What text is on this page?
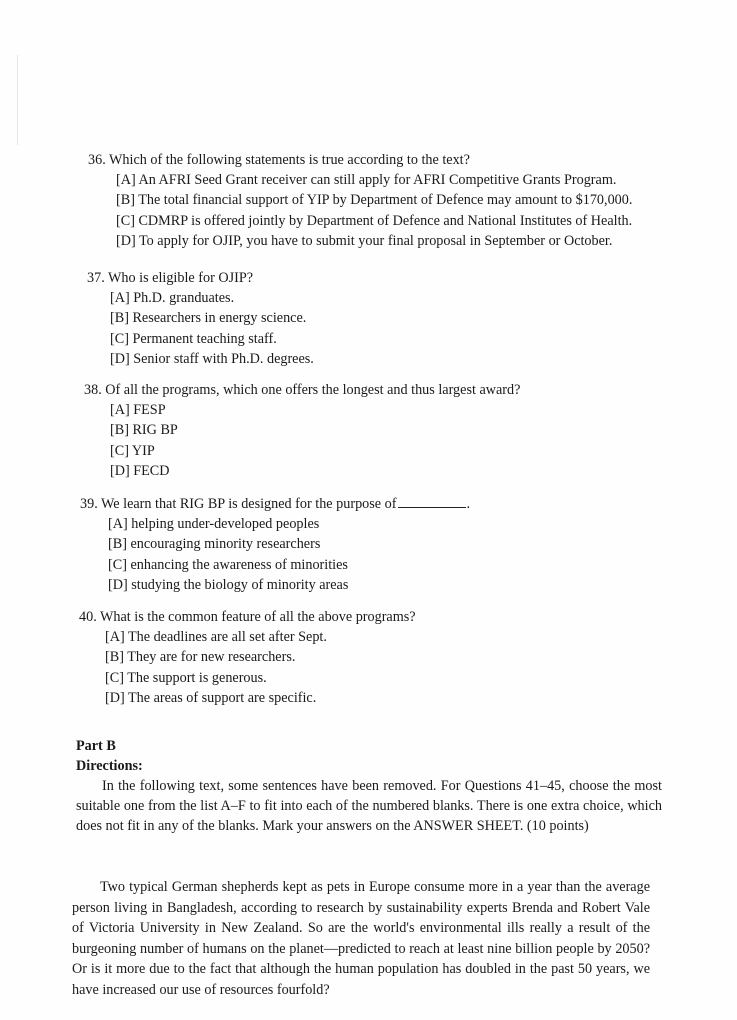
36. Which of the following statements is true according to the text?
[A] An AFRI Seed Grant receiver can still apply for AFRI Competitive Grants Program.
[B] The total financial support of YIP by Department of Defence may amount to $170,000.
[C] CDMRP is offered jointly by Department of Defence and National Institutes of Health.
[D] To apply for OJIP, you have to submit your final proposal in September or October.
37. Who is eligible for OJIP?
[A] Ph.D. granduates.
[B] Researchers in energy science.
[C] Permanent teaching staff.
[D] Senior staff with Ph.D. degrees.
38. Of all the programs, which one offers the longest and thus largest award?
[A] FESP
[B] RIG BP
[C] YIP
[D] FECD
39. We learn that RIG BP is designed for the purpose of	.
[A] helping under-developed peoples
[B] encouraging minority researchers
[C] enhancing the awareness of minorities
[D] studying the biology of minority areas
40. What is the common feature of all the above programs?
[A] The deadlines are all set after Sept.
[B] They are for new researchers.
[C] The support is generous.
[D] The areas of support are specific.
Part B
Directions:
In the following text, some sentences have been removed. For Questions 41–45, choose the most suitable one from the list A–F to fit into each of the numbered blanks. There is one extra choice, which does not fit in any of the blanks. Mark your answers on the ANSWER SHEET. (10 points)
Two typical German shepherds kept as pets in Europe consume more in a year than the average person living in Bangladesh, according to research by sustainability experts Brenda and Robert Vale of Victoria University in New Zealand. So are the world's environmental ills really a result of the burgeoning number of humans on the planet—predicted to reach at least nine billion people by 2050? Or is it more due to the fact that although the human population has doubled in the past 50 years, we have increased our use of resources fourfold?
